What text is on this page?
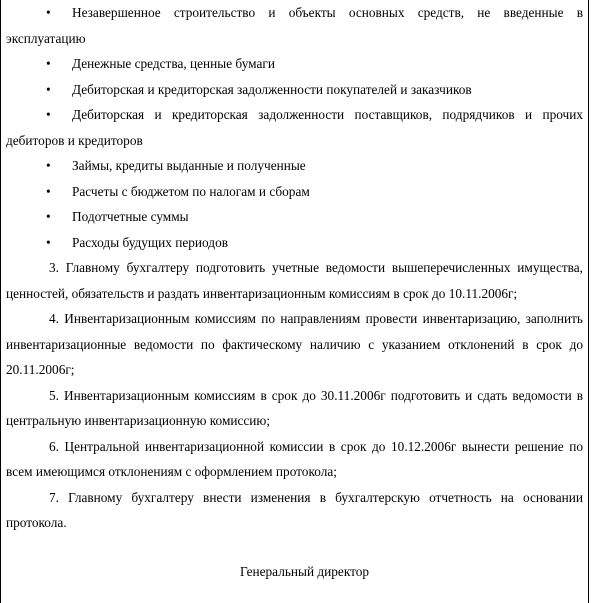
•	Незавершенное строительство и объекты основных средств, не введенные в эксплуатацию
•	Денежные средства, ценные бумаги
•	Дебиторская и кредиторская задолженности покупателей и заказчиков
•	Дебиторская и кредиторская задолженности поставщиков, подрядчиков и прочих дебиторов и кредиторов
•	Займы, кредиты выданные и полученные
•	Расчеты с бюджетом по налогам и сборам
•	Подотчетные суммы
•	Расходы будущих периодов
3. Главному бухгалтеру подготовить учетные ведомости вышеперечисленных имущества, ценностей, обязательств и раздать инвентаризационным комиссиям в срок до 10.11.2006г;
4. Инвентаризационным комиссиям по направлениям провести инвентаризацию, заполнить инвентаризационные ведомости по фактическому наличию с указанием отклонений в срок до 20.11.2006г;
5. Инвентаризационным комиссиям в срок до 30.11.2006г подготовить и сдать ведомости в центральную инвентаризационную комиссию;
6. Центральной инвентаризационной комиссии в срок до 10.12.2006г вынести решение по всем имеющимся отклонениям с оформлением протокола;
7. Главному бухгалтеру внести изменения в бухгалтерскую отчетность на основании протокола.
Генеральный директор
